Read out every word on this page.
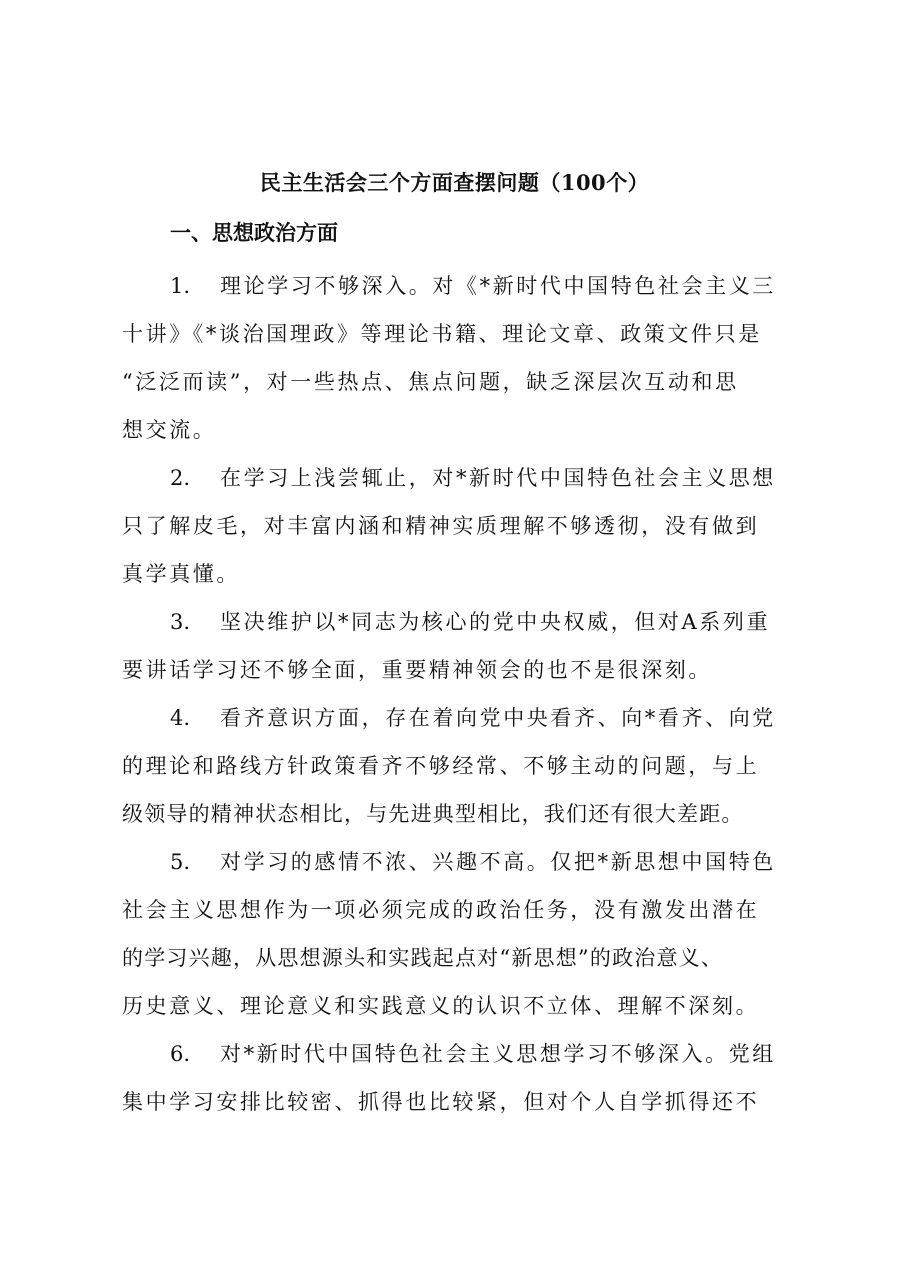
民主生活会三个方面查摆问题（100个）
一、思想政治方面
1. 理论学习不够深入。对《*新时代中国特色社会主义三
十讲》《*谈治国理政》等理论书籍、理论文章、政策文件只是
“泛泛而读”，对一些热点、焦点问题，缺乏深层次互动和思
想交流。
2. 在学习上浅尝辄止，对*新时代中国特色社会主义思想
只了解皮毛，对丰富内涵和精神实质理解不够透彻，没有做到
真学真懂。
3. 坚决维护以*同志为核心的党中央权威，但对A系列重
要讲话学习还不够全面，重要精神领会的也不是很深刻。
4. 看齐意识方面，存在着向党中央看齐、向*看齐、向党
的理论和路线方针政策看齐不够经常、不够主动的问题，与上
级领导的精神状态相比，与先进典型相比，我们还有很大差距。
5. 对学习的感情不浓、兴趣不高。仅把*新思想中国特色
社会主义思想作为一项必须完成的政治任务，没有激发出潜在
的学习兴趣，从思想源头和实践起点对“新思想”的政治意义、
历史意义、理论意义和实践意义的认识不立体、理解不深刻。
6. 对*新时代中国特色社会主义思想学习不够深入。党组
集中学习安排比较密、抓得也比较紧，但对个人自学抓得还不
